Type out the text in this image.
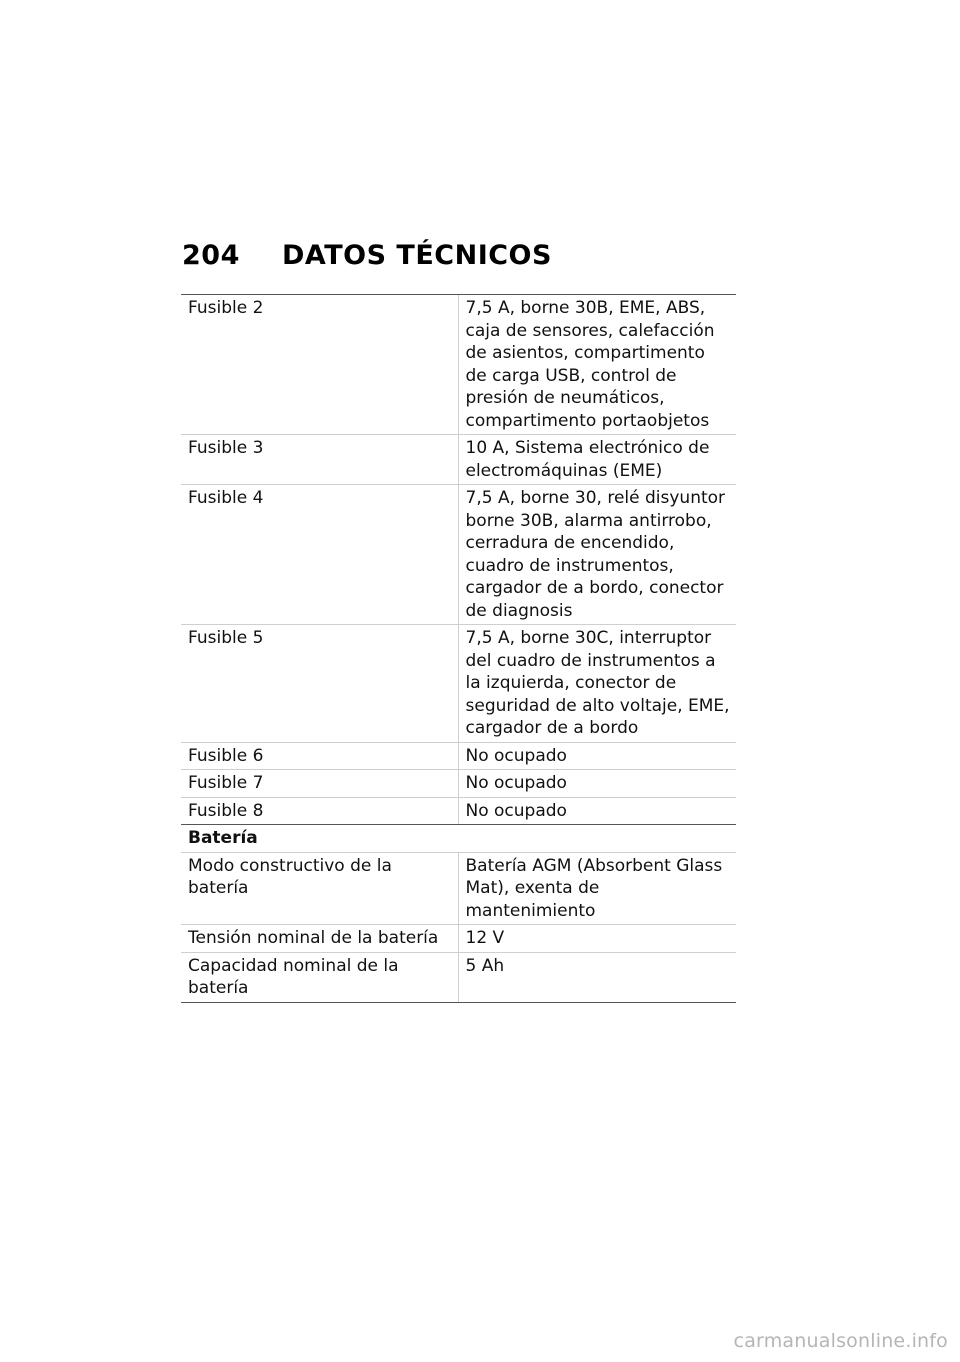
204	DATOS TÉCNICOS
Fusible 2	7,5 A, borne 30B, EME, ABS, caja de sensores, calefacción de asientos, compartimento de carga USB, control de presión de neumáticos, compartimento portaobjetos
Fusible 3	10 A, Sistema electrónico de electromáquinas (EME)
Fusible 4	7,5 A, borne 30, relé disyuntor borne 30B, alarma antirrobo, cerradura de encendido, cuadro de instrumentos, cargador de a bordo, conector de diagnosis
Fusible 5	7,5 A, borne 30C, interruptor del cuadro de instrumentos a la izquierda, conector de seguridad de alto voltaje, EME, cargador de a bordo
Fusible 6	No ocupado
Fusible 7	No ocupado
Fusible 8	No ocupado
Batería	
Modo constructivo de la batería	Batería AGM (Absorbent Glass Mat), exenta de mantenimiento
Tensión nominal de la batería	12 V
Capacidad nominal de la batería	5 Ah
carmanualsonline.info
